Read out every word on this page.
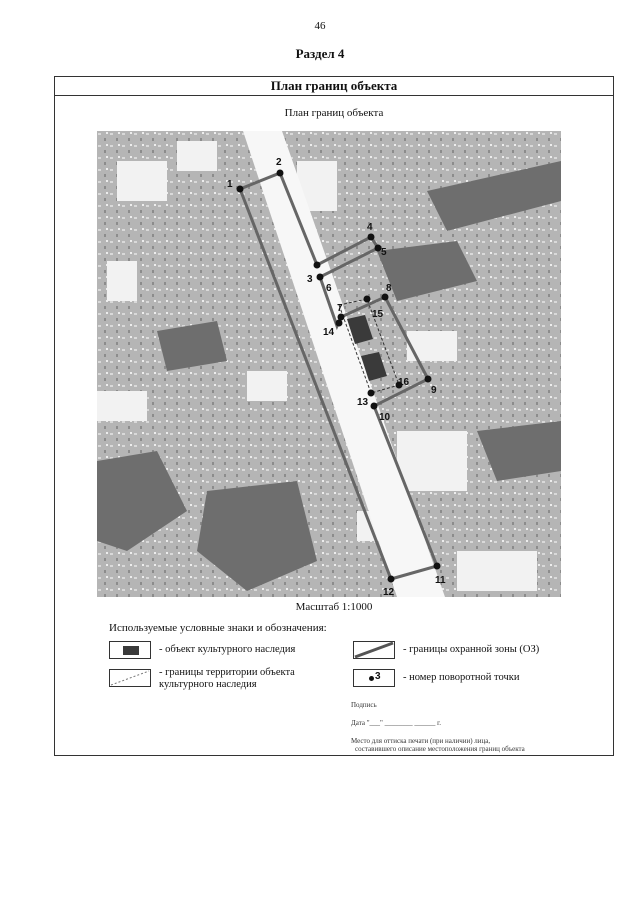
46
Раздел 4
План границ объекта
План границ объекта
1
2
3
4
5
6
7
8
9
10
11
12
13
14
15
16
Масштаб 1:1000
Используемые условные знаки и обозначения:
- объект культурного наследия
- границы территории объекта
культурного наследия
- границы охранной зоны (ОЗ)
3 - номер поворотной точки
Подпись
Дата "___" ________ ______ г.
Место для оттиска печати (при наличии) лица,
составившего описание местоположения границ объекта
